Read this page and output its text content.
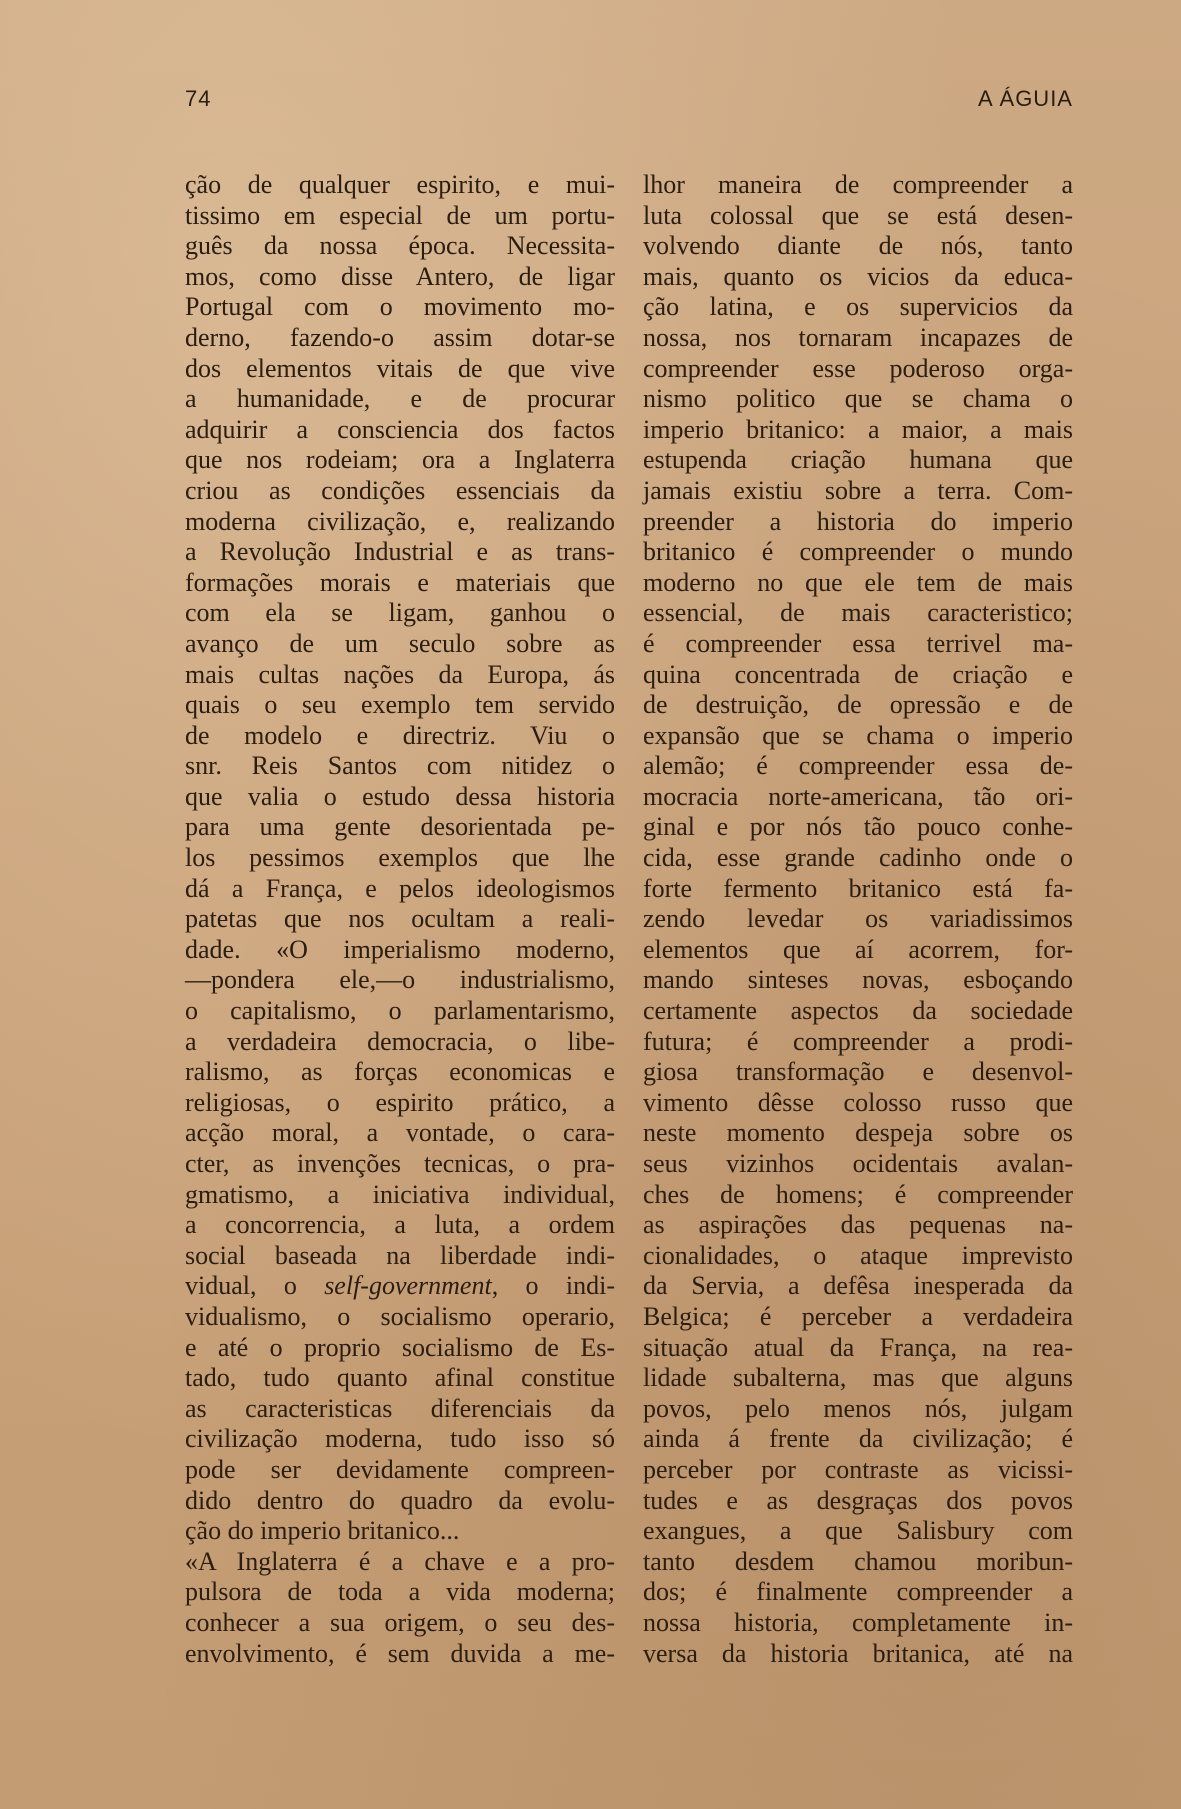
74	A ÁGUIA
ção de qualquer espirito, e mui-
tissimo em especial de um portu-
guês da nossa época. Necessita-
mos, como disse Antero, de ligar
Portugal com o movimento mo-
derno, fazendo-o assim dotar-se
dos elementos vitais de que vive
a humanidade, e de procurar
adquirir a consciencia dos factos
que nos rodeiam; ora a Inglaterra
criou as condições essenciais da
moderna civilização, e, realizando
a Revolução Industrial e as trans-
formações morais e materiais que
com ela se ligam, ganhou o
avanço de um seculo sobre as
mais cultas nações da Europa, ás
quais o seu exemplo tem servido
de modelo e directriz. Viu o
snr. Reis Santos com nitidez o
que valia o estudo dessa historia
para uma gente desorientada pe-
los pessimos exemplos que lhe
dá a França, e pelos ideologismos
patetas que nos ocultam a reali-
dade. «O imperialismo moderno,
—pondera ele,—o industrialismo,
o capitalismo, o parlamentarismo,
a verdadeira democracia, o libe-
ralismo, as forças economicas e
religiosas, o espirito prático, a
acção moral, a vontade, o cara-
cter, as invenções tecnicas, o pra-
gmatismo, a iniciativa individual,
a concorrencia, a luta, a ordem
social baseada na liberdade indi-
vidual, o self-government, o indi-
vidualismo, o socialismo operario,
e até o proprio socialismo de Es-
tado, tudo quanto afinal constitue
as caracteristicas diferenciais da
civilização moderna, tudo isso só
pode ser devidamente compreen-
dido dentro do quadro da evolu-
ção do imperio britanico...
«A Inglaterra é a chave e a pro-
pulsora de toda a vida moderna;
conhecer a sua origem, o seu des-
envolvimento, é sem duvida a me-
lhor maneira de compreender a
luta colossal que se está desen-
volvendo diante de nós, tanto
mais, quanto os vicios da educa-
ção latina, e os supervicios da
nossa, nos tornaram incapazes de
compreender esse poderoso orga-
nismo politico que se chama o
imperio britanico: a maior, a mais
estupenda criação humana que
jamais existiu sobre a terra. Com-
preender a historia do imperio
britanico é compreender o mundo
moderno no que ele tem de mais
essencial, de mais caracteristico;
é compreender essa terrivel ma-
quina concentrada de criação e
de destruição, de opressão e de
expansão que se chama o imperio
alemão; é compreender essa de-
mocracia norte-americana, tão ori-
ginal e por nós tão pouco conhe-
cida, esse grande cadinho onde o
forte fermento britanico está fa-
zendo levedar os variadissimos
elementos que aí acorrem, for-
mando sinteses novas, esboçando
certamente aspectos da sociedade
futura; é compreender a prodi-
giosa transformação e desenvol-
vimento dêsse colosso russo que
neste momento despeja sobre os
seus vizinhos ocidentais avalan-
ches de homens; é compreender
as aspirações das pequenas na-
cionalidades, o ataque imprevisto
da Servia, a defêsa inesperada da
Belgica; é perceber a verdadeira
situação atual da França, na rea-
lidade subalterna, mas que alguns
povos, pelo menos nós, julgam
ainda á frente da civilização; é
perceber por contraste as vicissi-
tudes e as desgraças dos povos
exangues, a que Salisbury com
tanto desdem chamou moribun-
dos; é finalmente compreender a
nossa historia, completamente in-
versa da historia britanica, até na
